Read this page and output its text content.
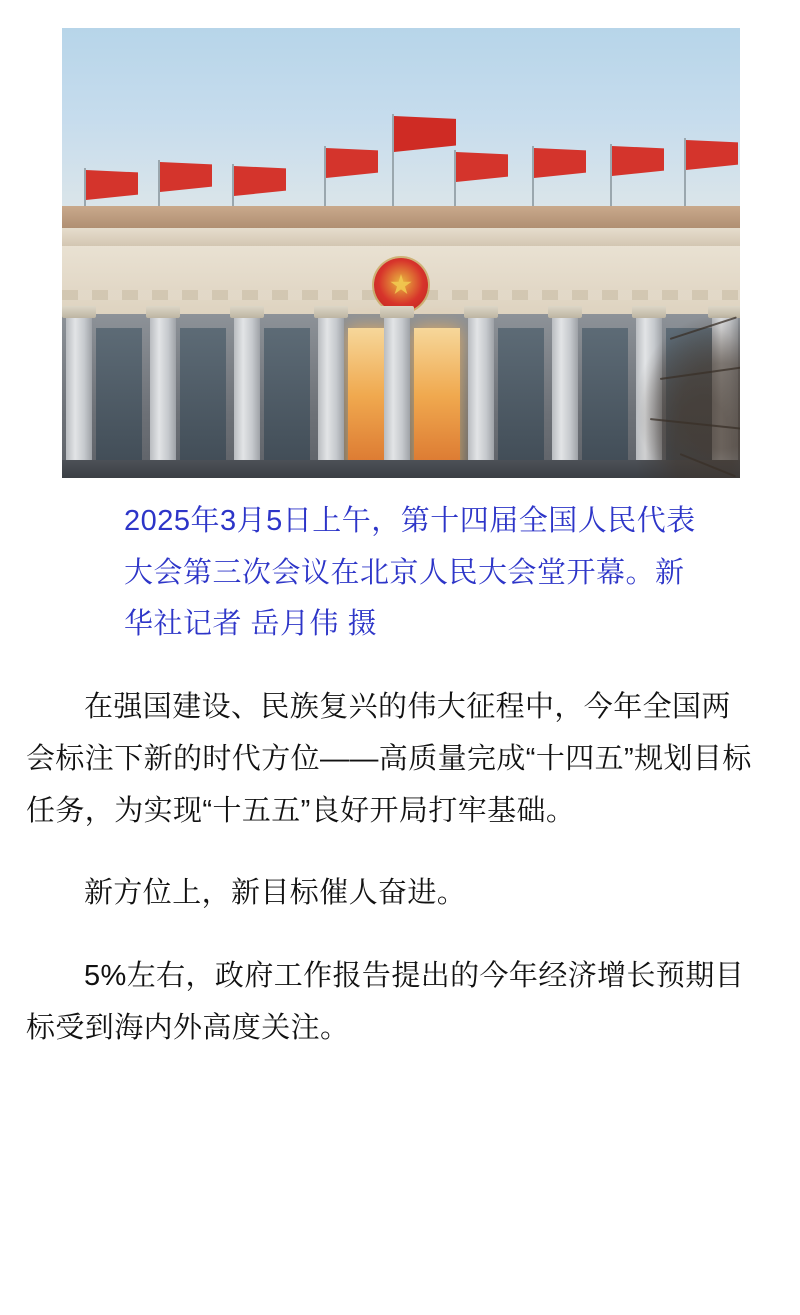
2025年3月5日上午，第十四届全国人民代表大会第三次会议在北京人民大会堂开幕。新华社记者 岳月伟 摄

在强国建设、民族复兴的伟大征程中，今年全国两会标注下新的时代方位——高质量完成“十四五”规划目标任务，为实现“十五五”良好开局打牢基础。

新方位上，新目标催人奋进。

5%左右，政府工作报告提出的今年经济增长预期目标受到海内外高度关注。
